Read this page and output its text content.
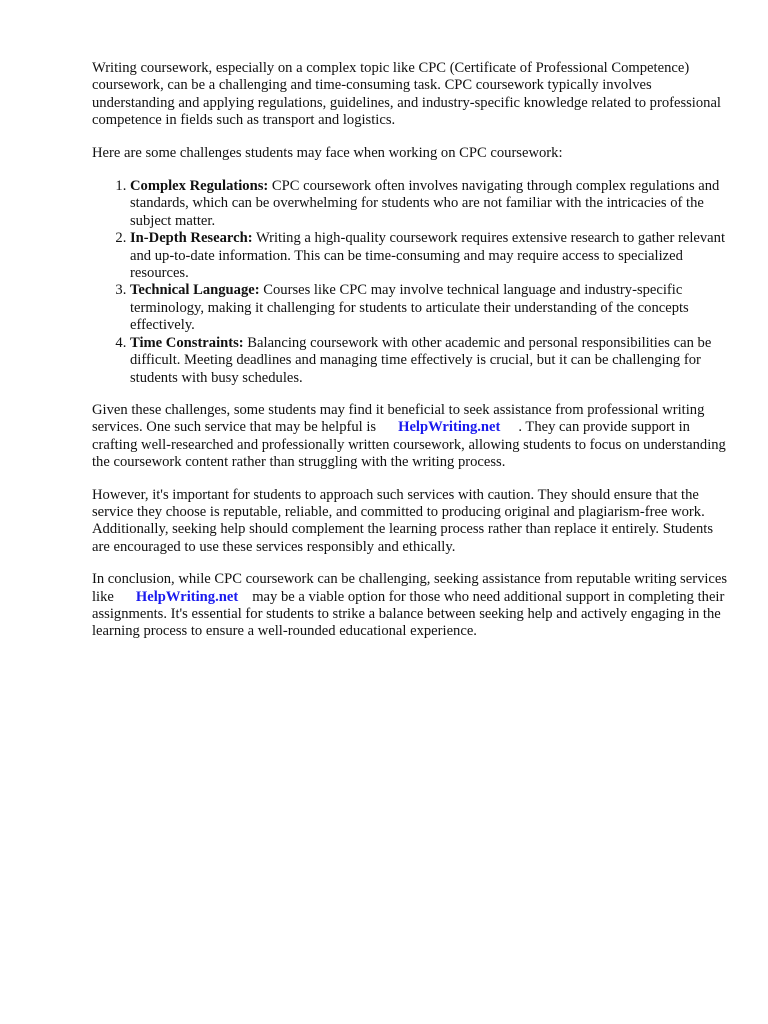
Writing coursework, especially on a complex topic like CPC (Certificate of Professional Competence) coursework, can be a challenging and time-consuming task. CPC coursework typically involves understanding and applying regulations, guidelines, and industry-specific knowledge related to professional competence in fields such as transport and logistics.

Here are some challenges students may face when working on CPC coursework:

1. Complex Regulations: CPC coursework often involves navigating through complex regulations and standards, which can be overwhelming for students who are not familiar with the intricacies of the subject matter.
2. In-Depth Research: Writing a high-quality coursework requires extensive research to gather relevant and up-to-date information. This can be time-consuming and may require access to specialized resources.
3. Technical Language: Courses like CPC may involve technical language and industry-specific terminology, making it challenging for students to articulate their understanding of the concepts effectively.
4. Time Constraints: Balancing coursework with other academic and personal responsibilities can be difficult. Meeting deadlines and managing time effectively is crucial, but it can be challenging for students with busy schedules.

Given these challenges, some students may find it beneficial to seek assistance from professional writing services. One such service that may be helpful is HelpWriting.net . They can provide support in crafting well-researched and professionally written coursework, allowing students to focus on understanding the coursework content rather than struggling with the writing process.

However, it's important for students to approach such services with caution. They should ensure that the service they choose is reputable, reliable, and committed to producing original and plagiarism-free work. Additionally, seeking help should complement the learning process rather than replace it entirely. Students are encouraged to use these services responsibly and ethically.

In conclusion, while CPC coursework can be challenging, seeking assistance from reputable writing services like HelpWriting.net may be a viable option for those who need additional support in completing their assignments. It's essential for students to strike a balance between seeking help and actively engaging in the learning process to ensure a well-rounded educational experience.
